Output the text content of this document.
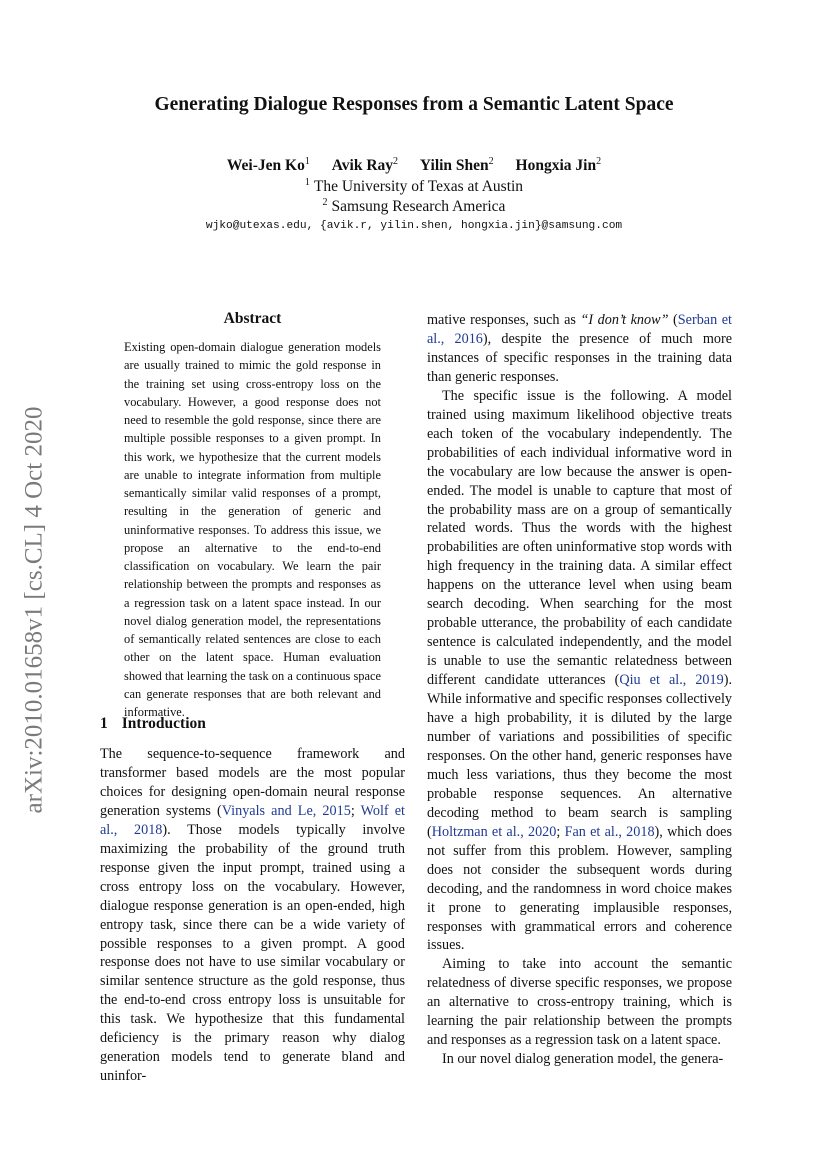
arXiv:2010.01658v1 [cs.CL] 4 Oct 2020
Generating Dialogue Responses from a Semantic Latent Space
Wei-Jen Ko$^1$ Avik Ray$^2$ Yilin Shen$^2$ Hongxia Jin$^2$
$^1$ The University of Texas at Austin
$^2$ Samsung Research America
wjko@utexas.edu, {avik.r, yilin.shen, hongxia.jin}@samsung.com
Abstract
Existing open-domain dialogue generation models are usually trained to mimic the gold response in the training set using cross-entropy loss on the vocabulary. However, a good response does not need to resemble the gold response, since there are multiple possible responses to a given prompt. In this work, we hypothesize that the current models are unable to integrate information from multiple semantically similar valid responses of a prompt, resulting in the generation of generic and uninformative responses. To address this issue, we propose an alternative to the end-to-end classification on vocabulary. We learn the pair relationship between the prompts and responses as a regression task on a latent space instead. In our novel dialog generation model, the representations of semantically related sentences are close to each other on the latent space. Human evaluation showed that learning the task on a continuous space can generate responses that are both relevant and informative.
1 Introduction

The sequence-to-sequence framework and transformer based models are the most popular choices for designing open-domain neural response generation systems (Vinyals and Le, 2015; Wolf et al., 2018). Those models typically involve maximizing the probability of the ground truth response given the input prompt, trained using a cross entropy loss on the vocabulary. However, dialogue response generation is an open-ended, high entropy task, since there can be a wide variety of possible responses to a given prompt. A good response does not have to use similar vocabulary or similar sentence structure as the gold response, thus the end-to-end cross entropy loss is unsuitable for this task. We hypothesize that this fundamental deficiency is the primary reason why dialog generation models tend to generate bland and uninfor-

mative responses, such as “I don’t know” (Serban et al., 2016), despite the presence of much more instances of specific responses in the training data than generic responses.

The specific issue is the following. A model trained using maximum likelihood objective treats each token of the vocabulary independently. The probabilities of each individual informative word in the vocabulary are low because the answer is open-ended. The model is unable to capture that most of the probability mass are on a group of semantically related words. Thus the words with the highest probabilities are often uninformative stop words with high frequency in the training data. A similar effect happens on the utterance level when using beam search decoding. When searching for the most probable utterance, the probability of each candidate sentence is calculated independently, and the model is unable to use the semantic relatedness between different candidate utterances (Qiu et al., 2019). While informative and specific responses collectively have a high probability, it is diluted by the large number of variations and possibilities of specific responses. On the other hand, generic responses have much less variations, thus they become the most probable response sequences. An alternative decoding method to beam search is sampling (Holtzman et al., 2020; Fan et al., 2018), which does not suffer from this problem. However, sampling does not consider the subsequent words during decoding, and the randomness in word choice makes it prone to generating implausible responses, responses with grammatical errors and coherence issues.

Aiming to take into account the semantic relatedness of diverse specific responses, we propose an alternative to cross-entropy training, which is learning the pair relationship between the prompts and responses as a regression task on a latent space.

In our novel dialog generation model, the genera-
